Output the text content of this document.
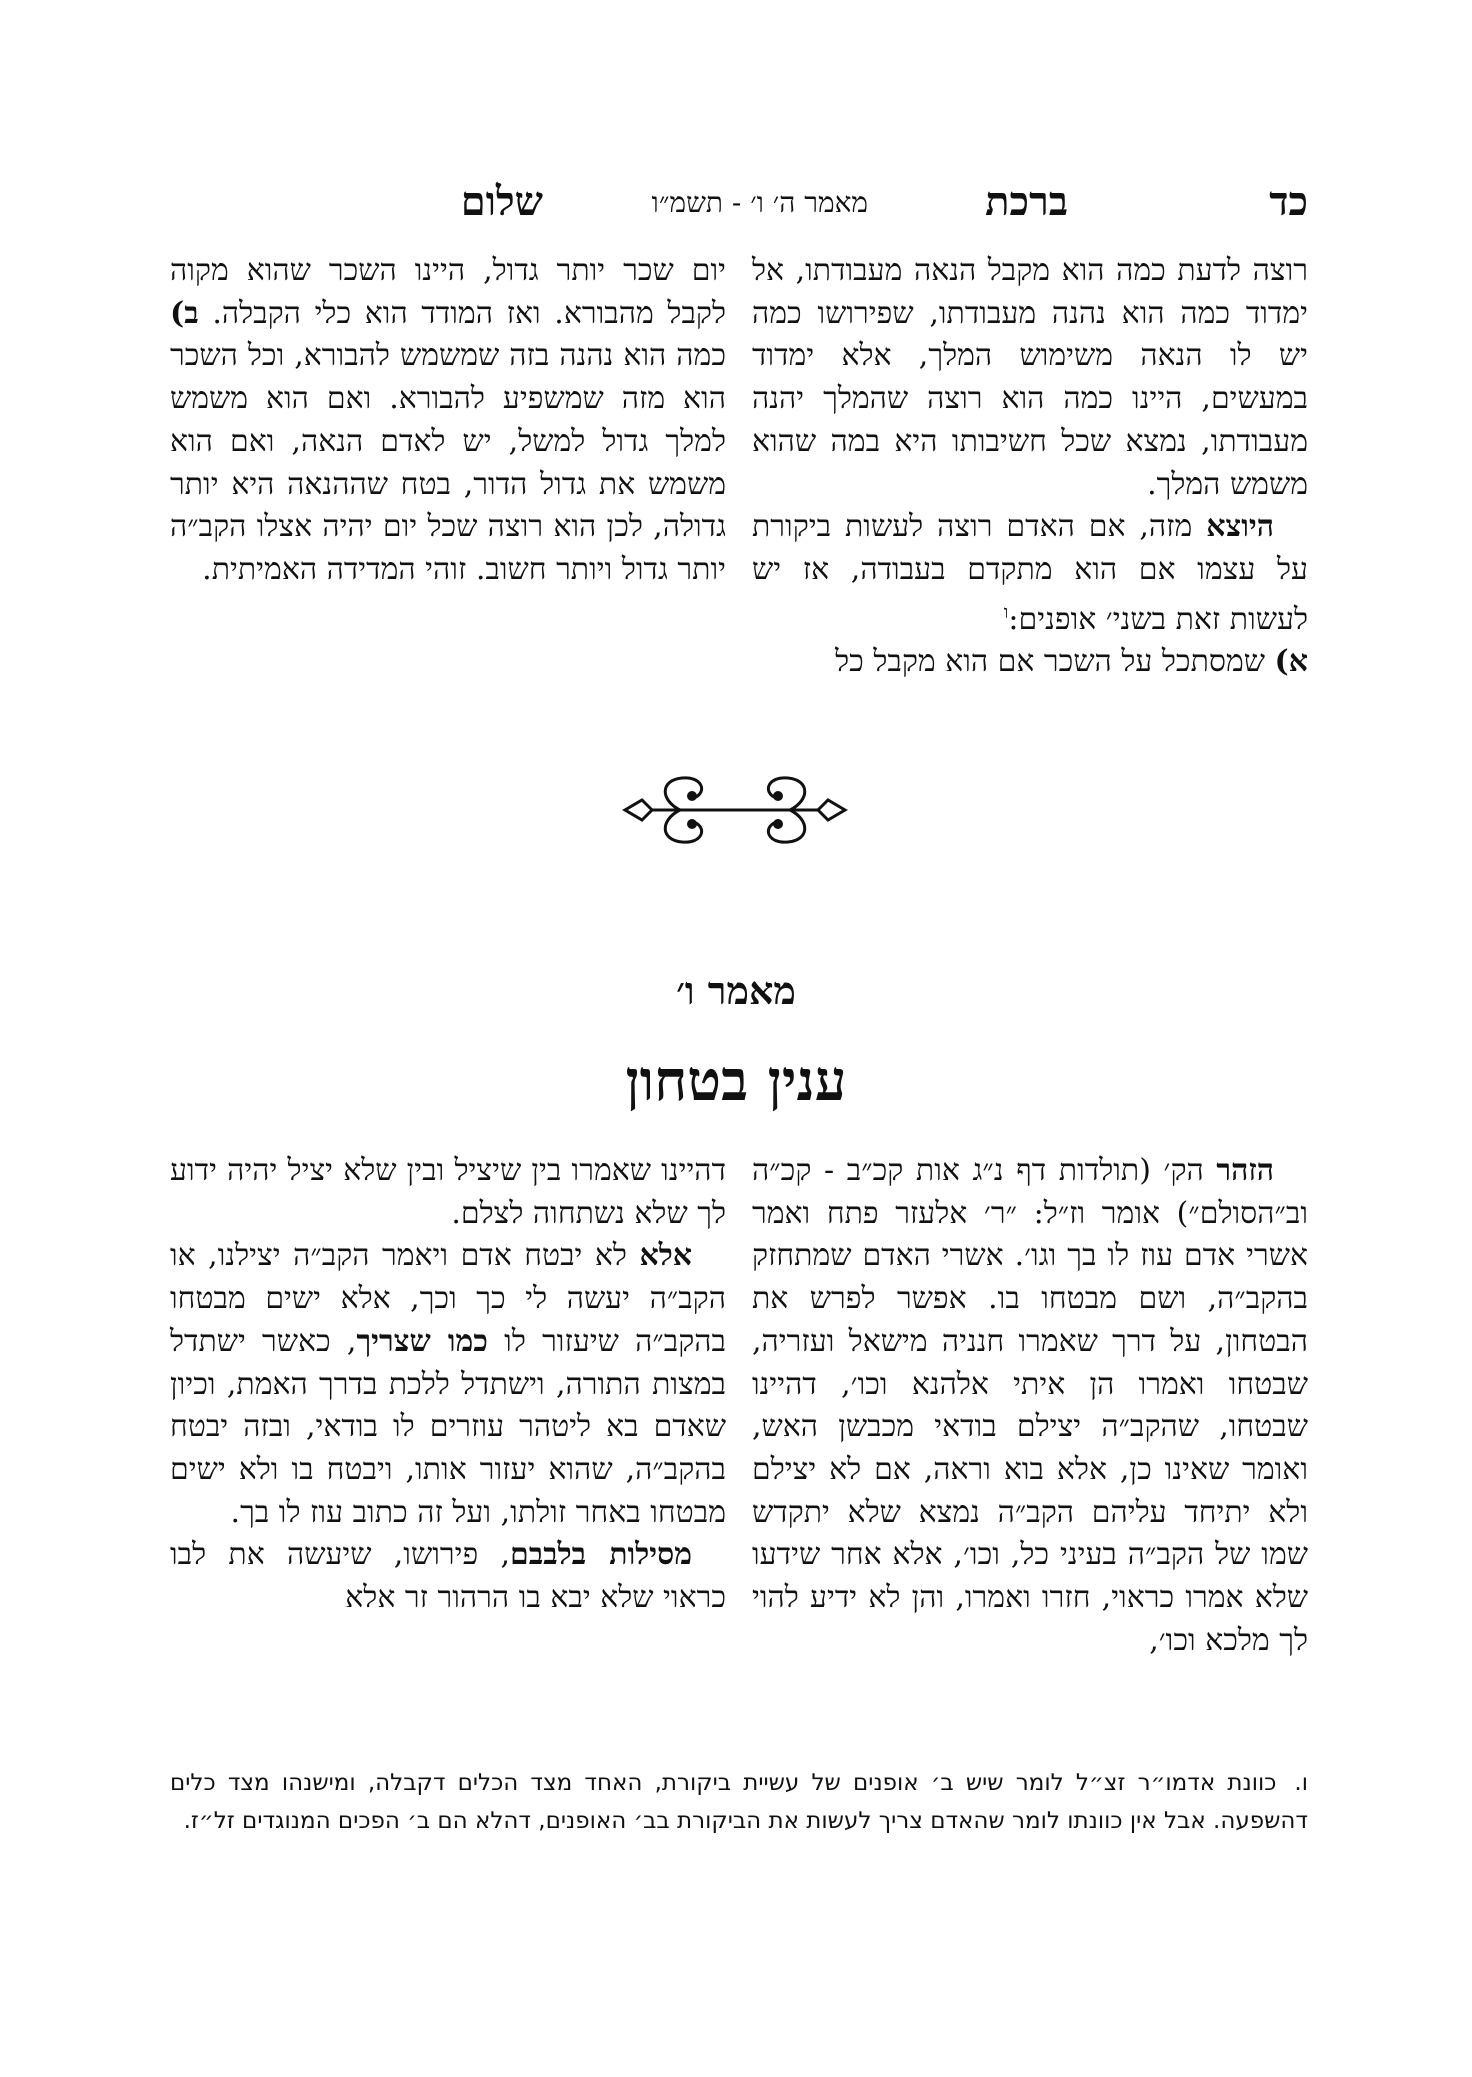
כד
ברכת
מאמר ה׳ ו׳ - תשמ״ו
שלום

רוצה לדעת כמה הוא מקבל הנאה מעבודתו, אל ימדוד כמה הוא נהנה מעבודתו, שפירושו כמה יש לו הנאה משימוש המלך, אלא ימדוד במעשים, היינו כמה הוא רוצה שהמלך יהנה מעבודתו, נמצא שכל חשיבותו היא במה שהוא משמש המלך.

היוצא מזה, אם האדם רוצה לעשות ביקורת על עצמו אם הוא מתקדם בעבודה, אז יש לעשות זאת בשני׳ אופנים:$^ו$

א) שמסתכל על השכר אם הוא מקבל כל

יום שכר יותר גדול, היינו השכר שהוא מקוה לקבל מהבורא. ואז המודד הוא כלי הקבלה. ב) כמה הוא נהנה בזה שמשמש להבורא, וכל השכר הוא מזה שמשפיע להבורא. ואם הוא משמש למלך גדול למשל, יש לאדם הנאה, ואם הוא משמש את גדול הדור, בטח שההנאה היא יותר גדולה, לכן הוא רוצה שכל יום יהיה אצלו הקב״ה יותר גדול ויותר חשוב. זוהי המדידה האמיתית.

מאמר ו׳
ענין בטחון

הזהר הק׳ (תולדות דף נ״ג אות קכ״ב - קכ״ה וב״הסולם״) אומר וז״ל: ״ר׳ אלעזר פתח ואמר אשרי אדם עוז לו בך וגו׳. אשרי האדם שמתחזק בהקב״ה, ושם מבטחו בו. אפשר לפרש את הבטחון, על דרך שאמרו חנניה מישאל ועזריה, שבטחו ואמרו הן איתי אלהנא וכו׳, דהיינו שבטחו, שהקב״ה יצילם בודאי מכבשן האש, ואומר שאינו כן, אלא בוא וראה, אם לא יצילם ולא יתיחד עליהם הקב״ה נמצא שלא יתקדש שמו של הקב״ה בעיני כל, וכו׳, אלא אחר שידעו שלא אמרו כראוי, חזרו ואמרו, והן לא ידיע להוי לך מלכא וכו׳,

דהיינו שאמרו בין שיציל ובין שלא יציל יהיה ידוע לך שלא נשתחוה לצלם.

אלא לא יבטח אדם ויאמר הקב״ה יצילנו, או הקב״ה יעשה לי כך וכך, אלא ישים מבטחו בהקב״ה שיעזור לו כמו שצריך, כאשר ישתדל במצות התורה, וישתדל ללכת בדרך האמת, וכיון שאדם בא ליטהר עוזרים לו בודאי, ובזה יבטח בהקב״ה, שהוא יעזור אותו, ויבטח בו ולא ישים מבטחו באחר זולתו, ועל זה כתוב עוז לו בך.

מסילות בלבבם, פירושו, שיעשה את לבו כראוי שלא יבא בו הרהור זר אלא

ו.כוונת אדמו״ר זצ״ל לומר שיש ב׳ אופנים של עשיית ביקורת, האחד מצד הכלים דקבלה, ומישנהו מצד כלים דהשפעה. אבל אין כוונתו לומר שהאדם צריך לעשות את הביקורת בב׳ האופנים, דהלא הם ב׳ הפכים המנוגדים זל״ז.
